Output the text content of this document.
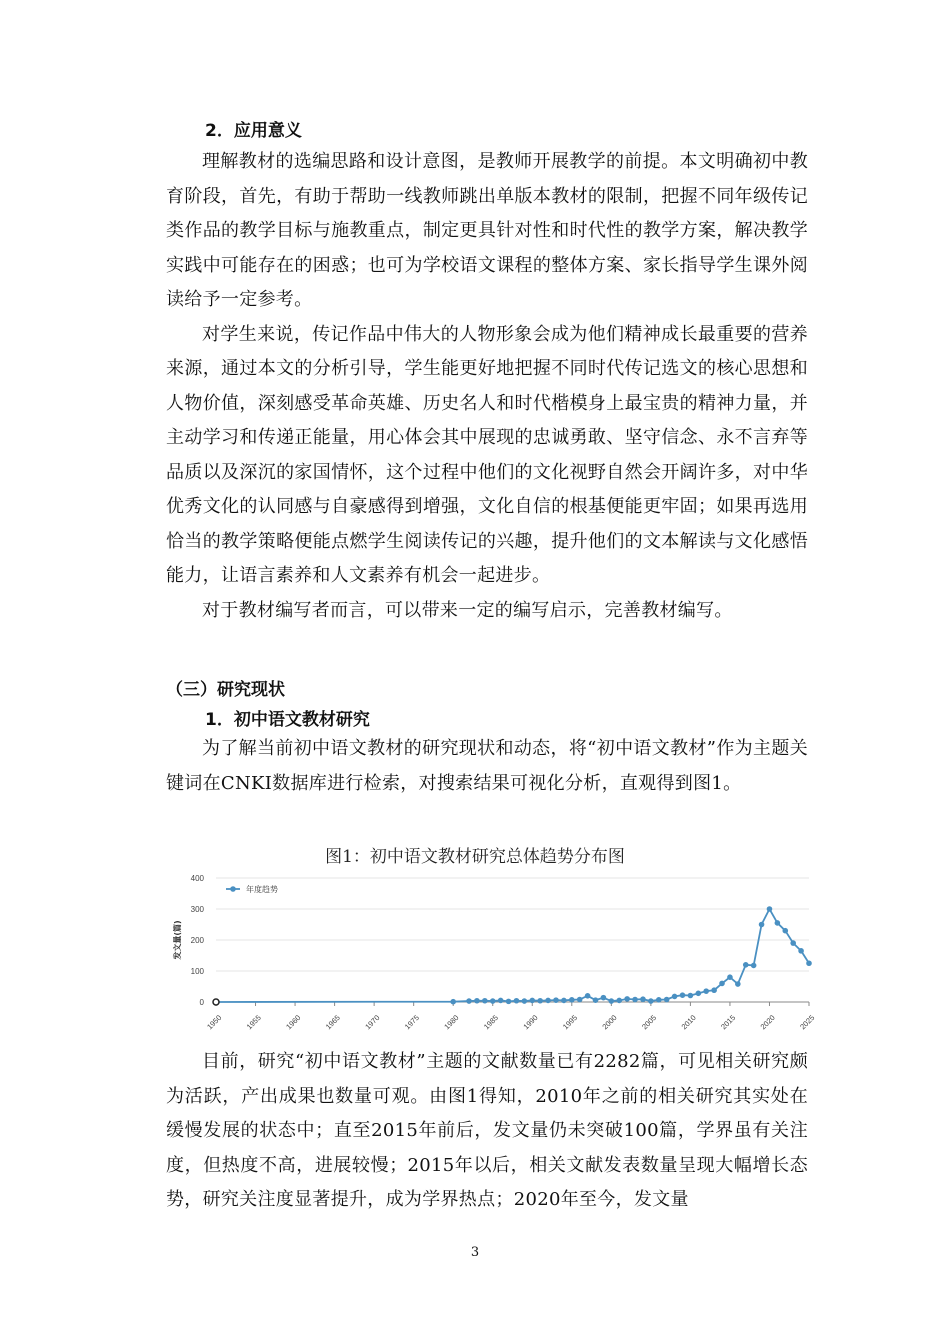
2．应用意义

理解教材的选编思路和设计意图，是教师开展教学的前提。本文明确初中教育阶段，首先，有助于帮助一线教师跳出单版本教材的限制，把握不同年级传记类作品的教学目标与施教重点，制定更具针对性和时代性的教学方案，解决教学实践中可能存在的困惑；也可为学校语文课程的整体方案、家长指导学生课外阅读给予一定参考。

对学生来说，传记作品中伟大的人物形象会成为他们精神成长最重要的营养来源，通过本文的分析引导，学生能更好地把握不同时代传记选文的核心思想和人物价值，深刻感受革命英雄、历史名人和时代楷模身上最宝贵的精神力量，并主动学习和传递正能量，用心体会其中展现的忠诚勇敢、坚守信念、永不言弃等品质以及深沉的家国情怀，这个过程中他们的文化视野自然会开阔许多，对中华优秀文化的认同感与自豪感得到增强，文化自信的根基便能更牢固；如果再选用恰当的教学策略便能点燃学生阅读传记的兴趣，提升他们的文本解读与文化感悟能力，让语言素养和人文素养有机会一起进步。

对于教材编写者而言，可以带来一定的编写启示，完善教材编写。

（三）研究现状
1．初中语文教材研究

为了解当前初中语文教材的研究现状和动态，将“初中语文教材”作为主题关键词在CNKI数据库进行检索，对搜索结果可视化分析，直观得到图1。

图1：初中语文教材研究总体趋势分布图
0
100
200
300
400
1950	1955	1960	1965	1970	1975	1980	1985	1990	1995	2000	2005	2010	2015	2020	2025
发文量(篇)
年度趋势

目前，研究“初中语文教材”主题的文献数量已有2282篇，可见相关研究颇为活跃，产出成果也数量可观。由图1得知，2010年之前的相关研究其实处在缓慢发展的状态中；直至2015年前后，发文量仍未突破100篇，学界虽有关注度，但热度不高，进展较慢；2015年以后，相关文献发表数量呈现大幅增长态势，研究关注度显著提升，成为学界热点；2020年至今，发文量

3
